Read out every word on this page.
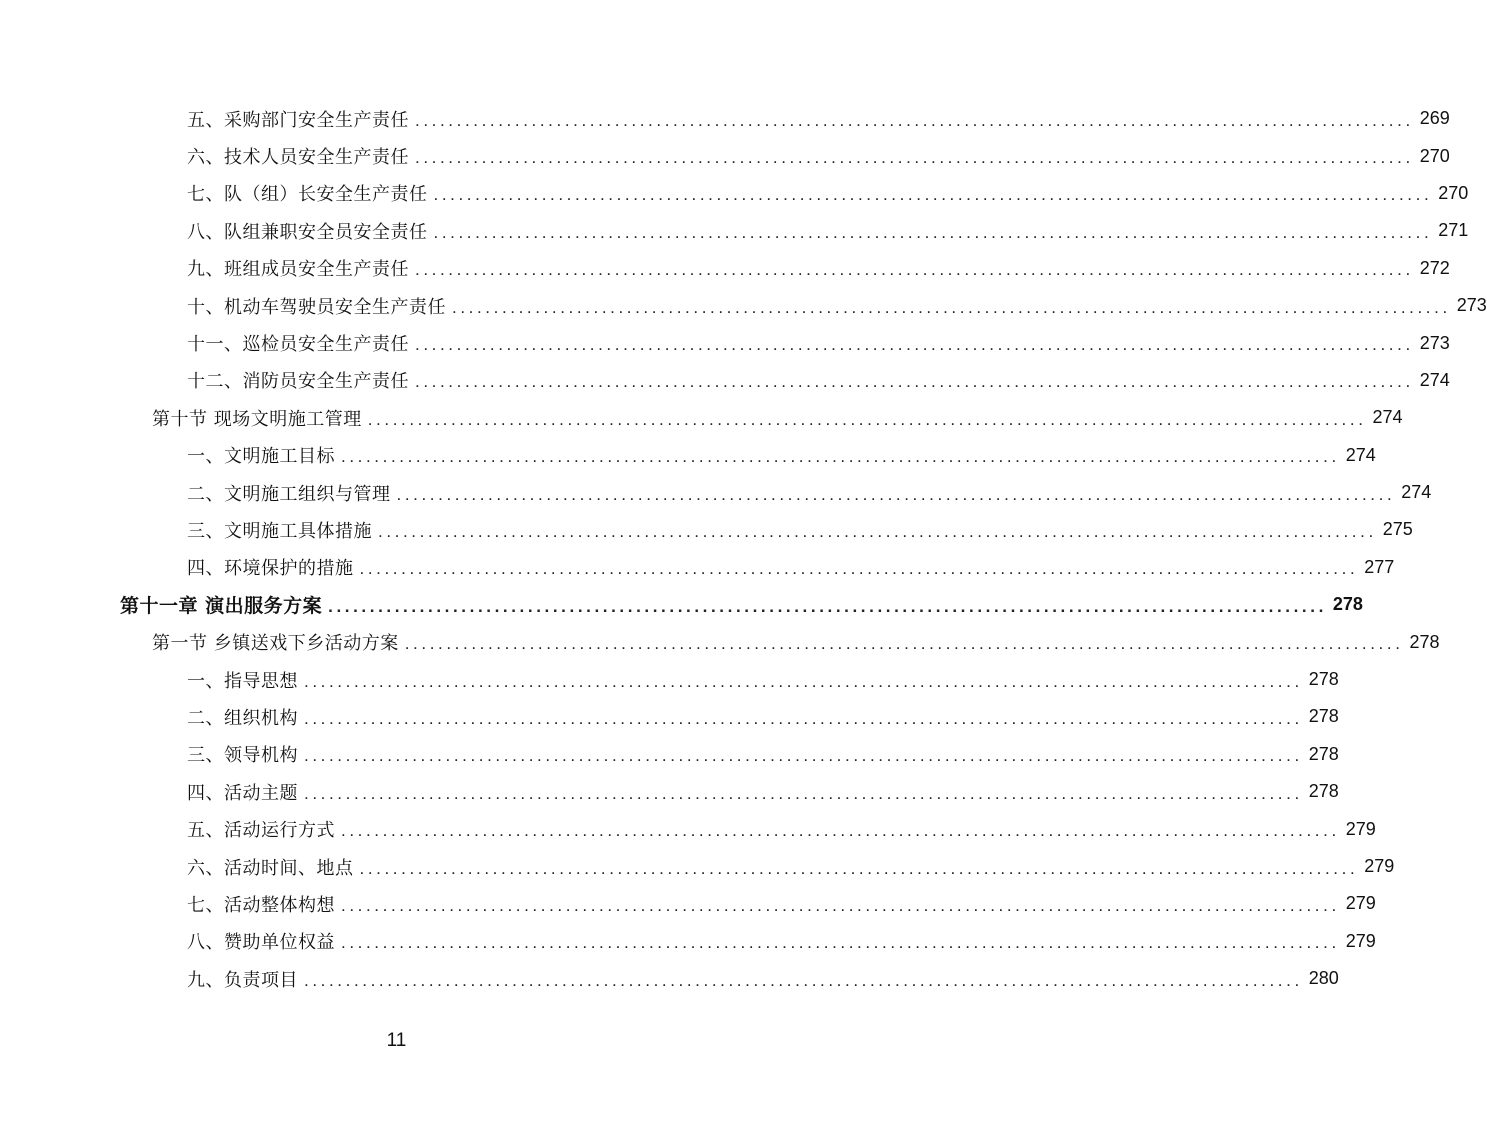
五、采购部门安全生产责任 ........................................................................................................................ 269
六、技术人员安全生产责任 ........................................................................................................................ 270
七、队（组）长安全生产责任 ........................................................................................................................ 270
八、队组兼职安全员安全责任 ........................................................................................................................ 271
九、班组成员安全生产责任 ........................................................................................................................ 272
十、机动车驾驶员安全生产责任 ........................................................................................................................ 273
十一、巡检员安全生产责任 ........................................................................................................................ 273
十二、消防员安全生产责任 ........................................................................................................................ 274
第十节 现场文明施工管理 ........................................................................................................................ 274
一、文明施工目标 ........................................................................................................................ 274
二、文明施工组织与管理 ........................................................................................................................ 274
三、文明施工具体措施 ........................................................................................................................ 275
四、环境保护的措施 ........................................................................................................................ 277
第十一章 演出服务方案 ........................................................................................................................ 278
第一节 乡镇送戏下乡活动方案 ........................................................................................................................ 278
一、指导思想 ........................................................................................................................ 278
二、组织机构 ........................................................................................................................ 278
三、领导机构 ........................................................................................................................ 278
四、活动主题 ........................................................................................................................ 278
五、活动运行方式 ........................................................................................................................ 279
六、活动时间、地点 ........................................................................................................................ 279
七、活动整体构想 ........................................................................................................................ 279
八、赞助单位权益 ........................................................................................................................ 279
九、负责项目 ........................................................................................................................ 280
11
